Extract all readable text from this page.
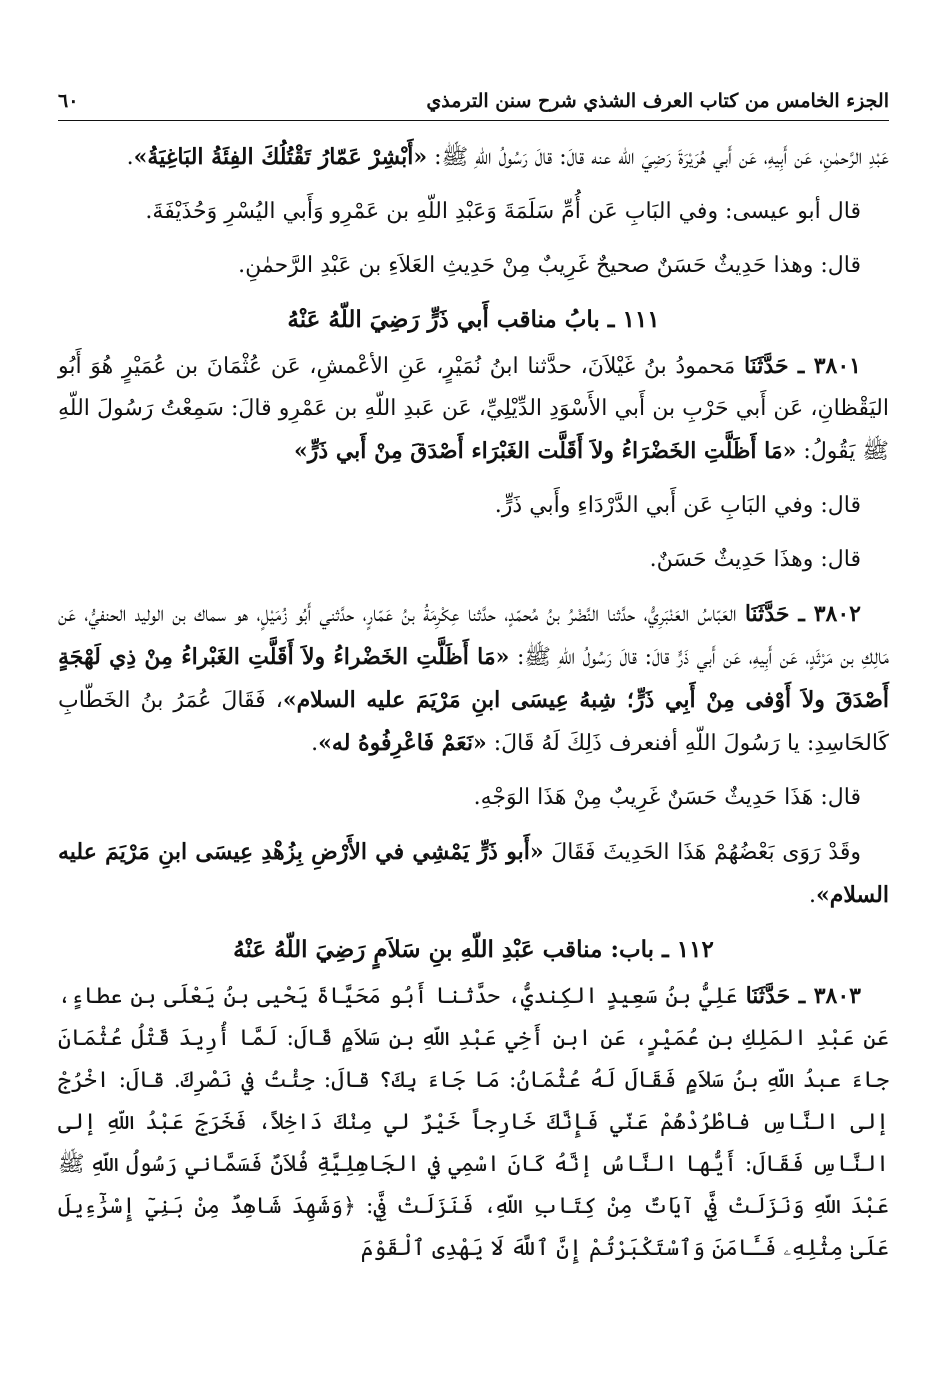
الجزء الخامس من كتاب العرف الشذي شرح سنن الترمذي
٦٠

عَبْدِ الرَّحمٰنِ، عَن أَبِيهِ، عَن أَبي هُرَيْرَةَ رَضِيَ الله عنه قالَ: قالَ رَسُولُ اللّهِ ﷺ: «أَبْشِرْ عَمّارُ تَقْتُلُكَ الفِئَةُ البَاغِيَةُ».

قال أبو عيسى: وفي البَابِ عَن أُمِّ سَلَمَةَ وَعَبْدِ اللّهِ بن عَمْرِو وَأَبي اليُسْرِ وَحُذَيْفَةَ.

قال: وهذا حَدِيثٌ حَسَنٌ صحيحٌ غَرِيبٌ مِنْ حَدِيثِ العَلاَءِ بن عَبْدِ الرَّحمٰنِ.

١١١ ـ بابُ مناقب أَبي ذَرٍّ رَضِيَ اللّهُ عَنْهُ

٣٨٠١ ـ حَدَّثَنَا مَحمودُ بنُ غَيْلاَنَ، حدَّثنا ابنُ نُمَيْرٍ، عَنِ الأعْمشِ، عَن عُثْمَانَ بن عُمَيْرٍ هُوَ أَبُو اليَقْظانِ، عَن أَبي حَرْبِ بن أَبي الأَسْوَدِ الدِّيْلِيِّ، عَن عَبدِ اللّهِ بن عَمْرِو قالَ: سَمِعْتُ رَسُولَ اللّهِ ﷺ يَقُولُ: «مَا أَظَلَّتِ الخَضْرَاءُ ولاَ أَقَلَّت الغَبْرَاء أَصْدَقَ مِنْ أَبي ذَرٍّ»

قال: وفي البَابِ عَن أَبي الدَّرْدَاءِ وأَبي ذَرٍّ.

قال: وهذَا حَدِيثٌ حَسَنٌ.

٣٨٠٢ ـ حَدَّثَنَا العَبّاسُ العَنْبَرِيُّ، حدَّثنا النَّضْرُ بنُ مُحمّدٍ، حدَّثنا عِكْرِمَةُ بنُ عَمّارٍ، حدَّثني أَبُو زُمَيْلٍ، هو سماك بن الوليد الحنفيُّ، عَن مَالِكِ بن مَرْثَدٍ، عَن أَبِيهِ، عَن أَبي ذَرٍّ قالَ: قالَ رَسُولُ اللّهِ ﷺ: «مَا أَظَلَّتِ الخَضْراءُ ولاَ أَقَلَّتِ الغَبْراءُ مِنْ ذِي لَهْجَةٍ أَصْدَقَ ولاَ أَوْفى مِنْ أَبِي ذَرٍّ؛ شِبهُ عِيسَى ابنِ مَرْيَمَ عليه السلام»، فَقَالَ عُمَرُ بنُ الخَطّابِ كَالحَاسِدِ: يا رَسُولَ اللّهِ أفنعرف ذَلِكَ لَهُ قَالَ: «نَعَمْ فَاعْرِفُوهُ له».

قال: هَذَا حَدِيثٌ حَسَنٌ غَرِيبٌ مِنْ هَذَا الوَجْهِ.

وقَدْ رَوَى بَعْضُهُمْ هَذَا الحَدِيثَ فَقَالَ «أَبو ذَرٍّ يَمْشِي في الأَرْضِ بِزُهْدِ عِيسَى ابنِ مَرْيَمَ عليه السلام».

١١٢ ـ باب: مناقب عَبْدِ اللّهِ بنِ سَلاَمٍ رَضِيَ اللّهُ عَنْهُ

٣٨٠٣ ـ حَدَّثَنَا عَلِيُّ بنُ سَعِيدٍ الكِنديُّ، حدَّثنا أَبُو مَحَيَّاةَ يَحْيى بنُ يَعْلَى بن عطاءٍ، عَن عَبْدِ المَلِكِ بنِ عُمَيْرٍ، عَن ابنِ أَخِي عَبْدِ اللّهِ بنِ سَلاَمٍ قَالَ: لَمَّا أُرِيدَ قَتْلُ عُثْمَانَ جاءَ عبدُ اللّهِ بنُ سَلاَمٍ فَقَالَ لَهُ عُثْمَانُ: مَا جَاءَ بِكَ؟ قالَ: جِئْتُ في نَصْرِكَ. قالَ: اخْرُجْ إلى النَّاسِ فاطْرُدْهُمْ عَنّي فَإِنَّكَ خَارِجاً خَيْرٌ لي مِنْكَ دَاخِلاً، فَخَرَجَ عَبْدُ اللّهِ إلى النَّاسِ فَقَالَ: أَيُّها النَّاسُ إنَّهُ كَانَ اسْمِي في الجَاهِلِيَّةِ فُلاَنٌ فَسَمَّاني رَسُولُ اللّهِ ﷺ عَبْدَ اللّهِ وَنَزَلَتْ فِيَّ آيَاتٌ مِنْ كِتَابِ اللّهِ، فَنَزَلَتْ فِيَّ: ﴿وَشَهِدَ شَاهِدٌ مِنْ بَنِيٓ إِسْرَٰٓءِيلَ عَلَىٰ مِثْلِهِۦ فَـَٔامَنَ وَٱسْتَكْبَرْتُمْ إِنَّ ٱللَّهَ لَا يَهْدِى ٱلْقَوْمَ
